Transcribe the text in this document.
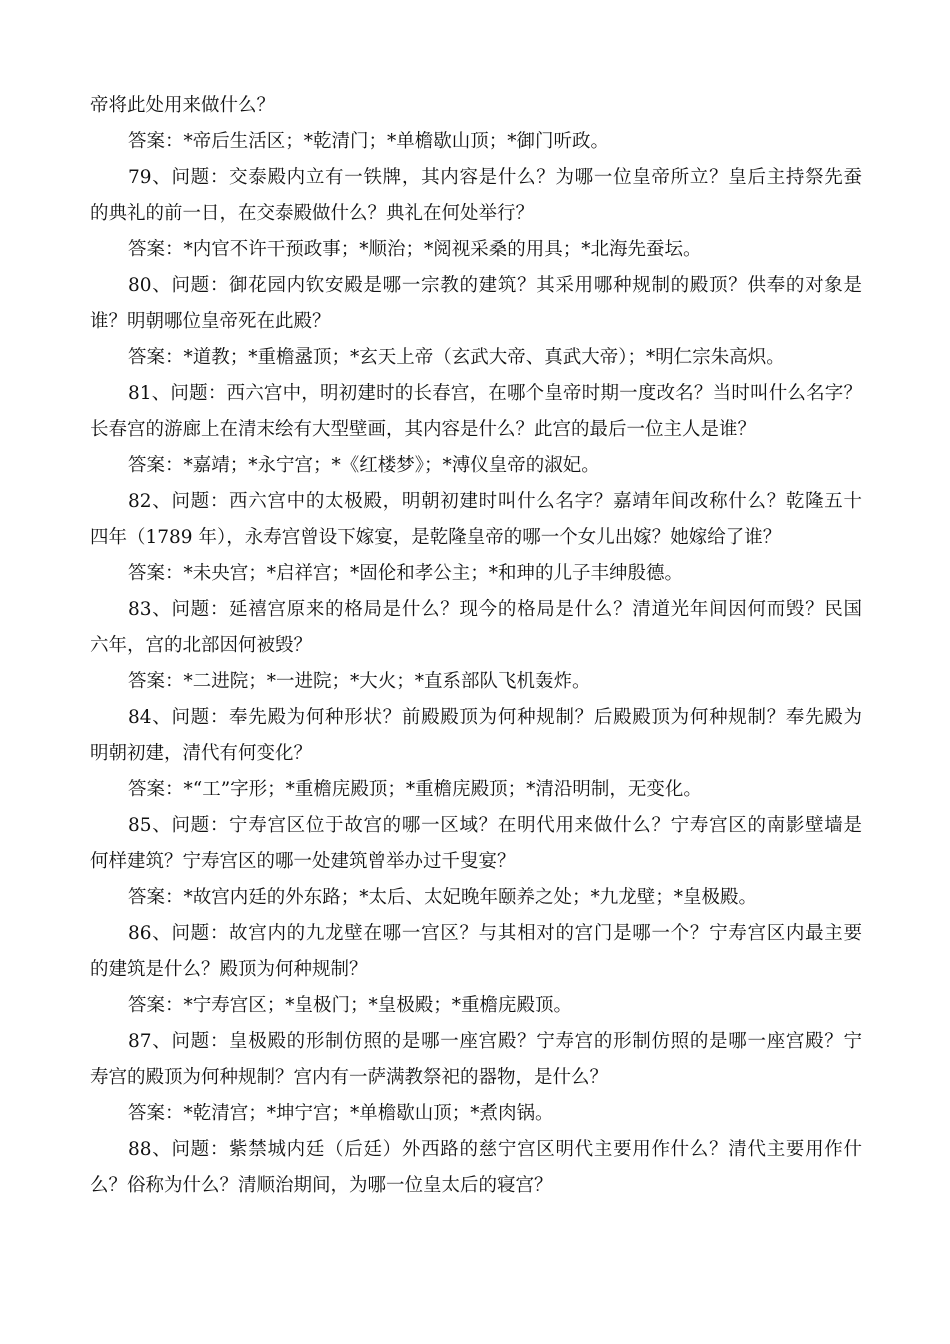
帝将此处用来做什么？
答案：*帝后生活区；*乾清门；*单檐歇山顶；*御门听政。
79、问题：交泰殿内立有一铁牌，其内容是什么？为哪一位皇帝所立？皇后主持祭先蚕
的典礼的前一日，在交泰殿做什么？典礼在何处举行？
答案：*内官不许干预政事；*顺治；*阅视采桑的用具；*北海先蚕坛。
80、问题：御花园内钦安殿是哪一宗教的建筑？其采用哪种规制的殿顶？供奉的对象是
谁？明朝哪位皇帝死在此殿？
答案：*道教；*重檐盝顶；*玄天上帝（玄武大帝、真武大帝）；*明仁宗朱高炽。
81、问题：西六宫中，明初建时的长春宫，在哪个皇帝时期一度改名？当时叫什么名字？
长春宫的游廊上在清末绘有大型壁画，其内容是什么？此宫的最后一位主人是谁？
答案：*嘉靖；*永宁宫；*《红楼梦》；*溥仪皇帝的淑妃。
82、问题：西六宫中的太极殿，明朝初建时叫什么名字？嘉靖年间改称什么？乾隆五十
四年（1789 年），永寿宫曾设下嫁宴，是乾隆皇帝的哪一个女儿出嫁？她嫁给了谁？
答案：*未央宫；*启祥宫；*固伦和孝公主；*和珅的儿子丰绅殷德。
83、问题：延禧宫原来的格局是什么？现今的格局是什么？清道光年间因何而毁？民国
六年，宫的北部因何被毁？
答案：*二进院；*一进院；*大火；*直系部队飞机轰炸。
84、问题：奉先殿为何种形状？前殿殿顶为何种规制？后殿殿顶为何种规制？奉先殿为
明朝初建，清代有何变化？
答案：*“工”字形；*重檐庑殿顶；*重檐庑殿顶；*清沿明制，无变化。
85、问题：宁寿宫区位于故宫的哪一区域？在明代用来做什么？宁寿宫区的南影壁墙是
何样建筑？宁寿宫区的哪一处建筑曾举办过千叟宴？
答案：*故宫内廷的外东路；*太后、太妃晚年颐养之处；*九龙壁；*皇极殿。
86、问题：故宫内的九龙壁在哪一宫区？与其相对的宫门是哪一个？宁寿宫区内最主要
的建筑是什么？殿顶为何种规制？
答案：*宁寿宫区；*皇极门；*皇极殿；*重檐庑殿顶。
87、问题：皇极殿的形制仿照的是哪一座宫殿？宁寿宫的形制仿照的是哪一座宫殿？宁
寿宫的殿顶为何种规制？宫内有一萨满教祭祀的器物，是什么？
答案：*乾清宫；*坤宁宫；*单檐歇山顶；*煮肉锅。
88、问题：紫禁城内廷（后廷）外西路的慈宁宫区明代主要用作什么？清代主要用作什
么？俗称为什么？清顺治期间，为哪一位皇太后的寝宫？
